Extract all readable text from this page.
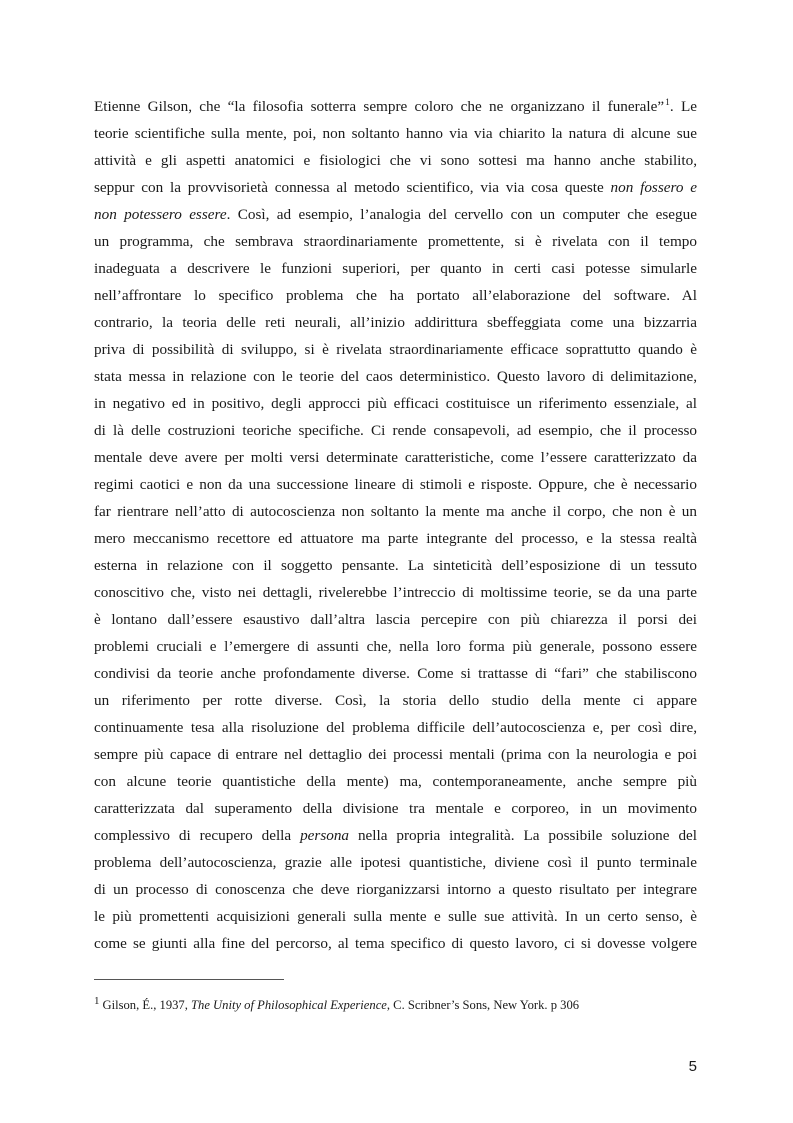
Etienne Gilson, che “la filosofia sotterra sempre coloro che ne organizzano il funerale”$^1$. Le
teorie scientifiche sulla mente, poi, non soltanto hanno via via chiarito la natura di alcune sue
attività e gli aspetti anatomici e fisiologici che vi sono sottesi ma hanno anche stabilito,
seppur con la provvisorietà connessa al metodo scientifico, via via cosa queste non fossero e
non potessero essere. Così, ad esempio, l’analogia del cervello con un computer che esegue
un programma, che sembrava straordinariamente promettente, si è rivelata con il tempo
inadeguata a descrivere le funzioni superiori, per quanto in certi casi potesse simularle
nell’affrontare lo specifico problema che ha portato all’elaborazione del software. Al
contrario, la teoria delle reti neurali, all’inizio addirittura sbeffeggiata come una bizzarria
priva di possibilità di sviluppo, si è rivelata straordinariamente efficace soprattutto quando è
stata messa in relazione con le teorie del caos deterministico. Questo lavoro di delimitazione,
in negativo ed in positivo, degli approcci più efficaci costituisce un riferimento essenziale, al
di là delle costruzioni teoriche specifiche. Ci rende consapevoli, ad esempio, che il processo
mentale deve avere per molti versi determinate caratteristiche, come l’essere caratterizzato da
regimi caotici e non da una successione lineare di stimoli e risposte. Oppure, che è necessario
far rientrare nell’atto di autocoscienza non soltanto la mente ma anche il corpo, che non è un
mero meccanismo recettore ed attuatore ma parte integrante del processo, e la stessa realtà
esterna in relazione con il soggetto pensante. La sinteticità dell’esposizione di un tessuto
conoscitivo che, visto nei dettagli, rivelerebbe l’intreccio di moltissime teorie, se da una parte
è lontano dall’essere esaustivo dall’altra lascia percepire con più chiarezza il porsi dei
problemi cruciali e l’emergere di assunti che, nella loro forma più generale, possono essere
condivisi da teorie anche profondamente diverse. Come si trattasse di “fari” che stabiliscono
un riferimento per rotte diverse. Così, la storia dello studio della mente ci appare
continuamente tesa alla risoluzione del problema difficile dell’autocoscienza e, per così dire,
sempre più capace di entrare nel dettaglio dei processi mentali (prima con la neurologia e poi
con alcune teorie quantistiche della mente) ma, contemporaneamente, anche sempre più
caratterizzata dal superamento della divisione tra mentale e corporeo, in un movimento
complessivo di recupero della persona nella propria integralità. La possibile soluzione del
problema dell’autocoscienza, grazie alle ipotesi quantistiche, diviene così il punto terminale
di un processo di conoscenza che deve riorganizzarsi intorno a questo risultato per integrare
le più promettenti acquisizioni generali sulla mente e sulle sue attività. In un certo senso, è
come se giunti alla fine del percorso, al tema specifico di questo lavoro, ci si dovesse volgere
$^1$ Gilson, É., 1937, The Unity of Philosophical Experience, C. Scribner’s Sons, New York. p 306
5
